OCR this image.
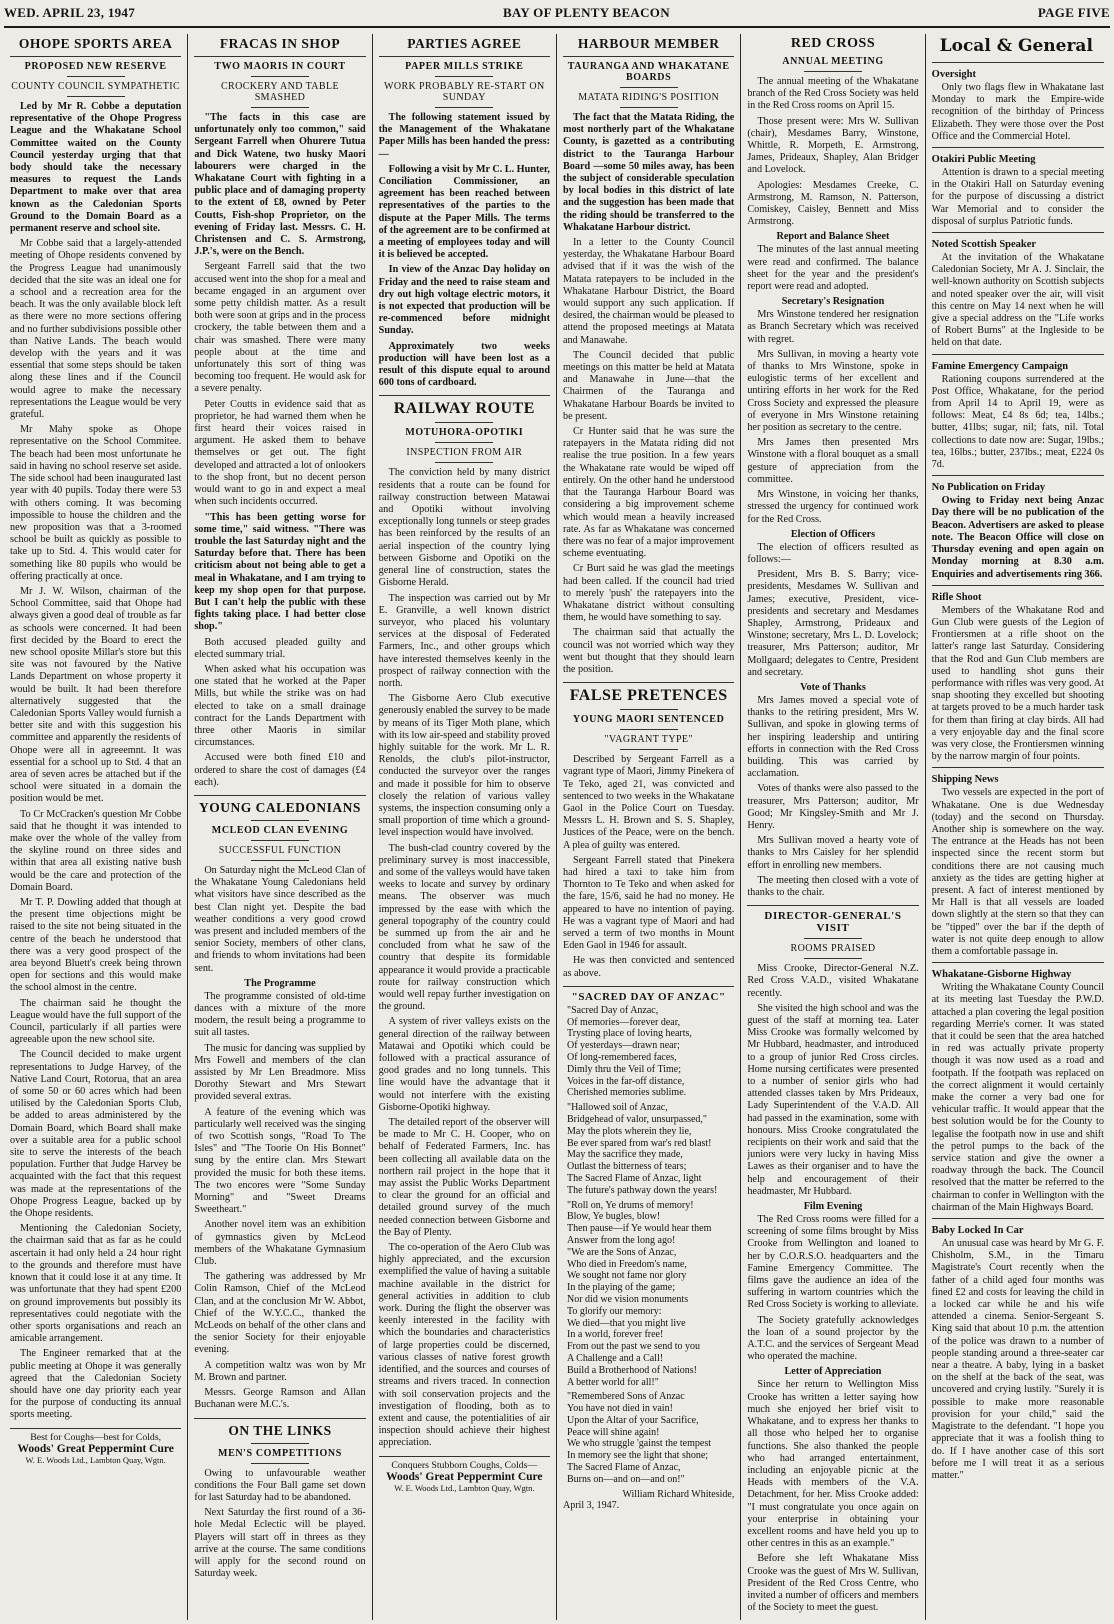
WED. APRIL 23, 1947	BAY OF PLENTY BEACON	PAGE FIVE
OHOPE SPORTS AREA
PROPOSED NEW RESERVE
COUNTY COUNCIL SYMPATHETIC

Led by Mr R. Cobbe a deputation representative of the Ohope Progress League and the Whakatane School Committee waited on the County Council yesterday urging that that body should take the necessary measures to request the Lands Department to make over that area known as the Caledonian Sports Ground to the Domain Board as a permanent reserve and school site.

Mr Cobbe said that a largely-attended meeting of Ohope residents convened by the Progress League had unanimously decided that the site was an ideal one for a school and a recreation area for the beach. It was the only available block left as there were no more sections offering and no further subdivisions possible other than Native Lands. The beach would develop with the years and it was essential that some steps should be taken along these lines and if the Council would agree to make the necessary representations the League would be very grateful.

Mr Mahy spoke as Ohope representative on the School Commitee. The beach had been most unfortunate he said in having no school reserve set aside. The side school had been inaugurated last year with 40 pupils. Today there were 53 with others coming. It was becoming impossible to house the children and the new proposition was that a 3-roomed school be built as quickly as possible to take up to Std. 4. This would cater for something like 80 pupils who would be offering practically at once.

Mr J. W. Wilson, chairman of the School Committee, said that Ohope had always given a good deal of trouble as far as schools were concerned. It had been first decided by the Board to erect the new school oposite Millar's store but this site was not favoured by the Native Lands Department on whose property it would be built. It had been therefore alternatively suggested that the Caledonian Sports Valley would furnish a better site and with this suggestion his committee and apparently the residents of Ohope were all in agreeemnt. It was essential for a school up to Std. 4 that an area of seven acres be attached but if the school were situated in a domain the position would be met.

To Cr McCracken's question Mr Cobbe said that he thought it was intended to make over the whole of the valley from the skyline round on three sides and within that area all existing native bush would be the care and protection of the Domain Board.

Mr T. P. Dowling added that though at the present time objections might be raised to the site not being situated in the centre of the beach he understood that there was a very good prospect of the area beyond Bluett's creek being thrown open for sections and this would make the school almost in the centre.

The chairman said he thought the League would have the full support of the Council, particularly if all parties were agreeable upon the new school site.

The Council decided to make urgent representations to Judge Harvey, of the Native Land Court, Rotorua, that an area of some 50 or 60 acres which had been utilised by the Caledonian Sports Club, be added to areas administered by the Domain Board, which Board shall make over a suitable area for a public school site to serve the interests of the beach population. Further that Judge Harvey be acquainted with the fact that this request was made at the representations of the Ohope Progress League, backed up by the Ohope residents.

Mentioning the Caledonian Society, the chairman said that as far as he could ascertain it had only held a 24 hour right to the grounds and therefore must have known that it could lose it at any time. It was unfortunate that they had spent £200 on ground improvements but possibly its representatives could negotiate with the other sports organisations and reach an amicable arrangement.

The Engineer remarked that at the public meeting at Ohope it was generally agreed that the Caledonian Society should have one day priority each year for the purpose of conducting its annual sports meeting.

Best for Coughs—best for Colds,
Woods' Great Peppermint Cure
W. E. Woods Ltd., Lambton Quay, Wgtn.
FRACAS IN SHOP
TWO MAORIS IN COURT
CROCKERY AND TABLE SMASHED

"The facts in this case are unfortunately only too common," said Sergeant Farrell when Ohurere Tutua and Dick Watene, two husky Maori labourers were charged in the Whakatane Court with fighting in a public place and of damaging property to the extent of £8, owned by Peter Coutts, Fish-shop Proprietor, on the evening of Friday last. Messrs. C. H. Christensen and C. S. Armstrong, J.P.'s, were on the Bench.

Sergeant Farrell said that the two accused went into the shop for a meal and became engaged in an argument over some petty childish matter. As a result both were soon at grips and in the process crockery, the table between them and a chair was smashed. There were many people about at the time and unfortunately this sort of thing was becoming too frequent. He would ask for a severe penalty.

Peter Coutts in evidence said that as proprietor, he had warned them when he first heard their voices raised in argument. He asked them to behave themselves or get out. The fight developed and attracted a lot of onlookers to the shop front, but no decent person would want to go in and expect a meal when such incidents occurred.

"This has been getting worse for some time," said witness. "There was trouble the last Saturday night and the Saturday before that. There has been criticism about not being able to get a meal in Whakatane, and I am trying to keep my shop open for that purpose. But I can't help the public with these fights taking place. I had better close shop."

Both accused pleaded guilty and elected summary trial.

When asked what his occupation was one stated that he worked at the Paper Mills, but while the strike was on had elected to take on a small drainage contract for the Lands Department with three other Maoris in similar circumstances.

Accused were both fined £10 and ordered to share the cost of damages (£4 each).

YOUNG CALEDONIANS
MCLEOD CLAN EVENING
SUCCESSFUL FUNCTION

On Saturday night the McLeod Clan of the Whakatane Young Caledonians held what visitors have since described as the best Clan night yet. Despite the bad weather conditions a very good crowd was present and included members of the senior Society, members of other clans, and friends to whom invitations had been sent.

The Programme

The programme consisted of old-time dances with a mixture of the more modern, the result being a programme to suit all tastes.

The music for dancing was supplied by Mrs Fowell and members of the clan assisted by Mr Len Breadmore. Miss Dorothy Stewart and Mrs Stewart provided several extras.

A feature of the evening which was particularly well received was the singing of two Scottish songs, "Road To The Isles" and "The Toorie On His Bonnet" sung by the entire clan. Mrs Stewart provided the music for both these items. The two encores were "Some Sunday Morning" and "Sweet Dreams Sweetheart."

Another novel item was an exhibition of gymnastics given by McLeod members of the Whakatane Gymnasium Club.

The gathering was addressed by Mr Colin Ramson, Chief of the McLeod Clan, and at the conclusion Mr W. Abbot, Chief of the W.Y.C.C., thanked the McLeods on behalf of the other clans and the senior Society for their enjoyable evening.

A competition waltz was won by Mr M. Brown and partner.

Messrs. George Ramson and Allan Buchanan were M.C.'s.

ON THE LINKS
MEN'S COMPETITIONS

Owing to unfavourable weather conditions the Four Ball game set down for last Saturday had to be abandoned.

Next Saturday the first round of a 36-hole Medal Eclectic will be played. Players will start off in threes as they arrive at the course. The same conditions will apply for the second round on Saturday week.

PARTIES AGREE
PAPER MILLS STRIKE
WORK PROBABLY RE-START ON SUNDAY

The following statement issued by the Management of the Whakatane Paper Mills has been handed the press:—

Following a visit by Mr C. L. Hunter, Conciliation Commissioner, an agreement has been reached between representatives of the parties to the dispute at the Paper Mills. The terms of the agreement are to be confirmed at a meeting of employees today and will it is believed be accepted.

In view of the Anzac Day holiday on Friday and the need to raise steam and dry out high voltage electric motors, it is not expected that production will be re-commenced before midnight Sunday.

Approximately two weeks production will have been lost as a result of this dispute equal to around 600 tons of cardboard.

RAILWAY ROUTE
MOTUHORA-OPOTIKI
INSPECTION FROM AIR

The conviction held by many district residents that a route can be found for railway construction between Matawai and Opotiki without involving exceptionally long tunnels or steep grades has been reinforced by the results of an aerial inspection of the country lying between Gisborne and Opotiki on the general line of construction, states the Gisborne Herald.

The inspection was carried out by Mr E. Granville, a well known district surveyor, who placed his voluntary services at the disposal of Federated Farmers, Inc., and other groups which have interested themselves keenly in the prospect of railway connection with the north.

The Gisborne Aero Club executive generously enabled the survey to be made by means of its Tiger Moth plane, which with its low air-speed and stability proved highly suitable for the work. Mr L. R. Renolds, the club's pilot-instructor, conducted the surveyor over the ranges and made it possible for him to observe closely the relation of various valley systems, the inspection consuming only a small proportion of time which a ground-level inspection would have involved.

The bush-clad country covered by the preliminary survey is most inaccessible, and some of the valleys would have taken weeks to locate and survey by ordinary means. The observer was much impressed by the ease with which the general topography of the country could be summed up from the air and he concluded from what he saw of the country that despite its formidable appearance it would provide a practicable route for railway construction which would well repay further investigation on the ground.

A system of river valleys exists on the general direction of the railway between Matawai and Opotiki which could be followed with a practical assurance of good grades and no long tunnels. This line would have the advantage that it would not interfere with the existing Gisborne-Opotiki highway.

The detailed report of the observer will be made to Mr C. H. Cooper, who on behalf of Federated Farmers, Inc. has been collecting all available data on the northern rail project in the hope that it may assist the Public Works Department to clear the ground for an official and detailed ground survey of the much needed connection between Gisborne and the Bay of Plenty.

The co-operation of the Aero Club was highly appreciated, and the excursion exemplified the value of having a suitable machine available in the district for general activities in addition to club work. During the flight the observer was keenly interested in the facility with which the boundaries and characteristics of large properties could be discerned, various classes of native forest growth identified, and the sources and courses of streams and rivers traced. In connection with soil conservation projects and the investigation of flooding, both as to extent and cause, the potentialities of air inspection should achieve their highest appreciation.

Conquers Stubborn Coughs, Colds—
Woods' Great Peppermint Cure
W. E. Woods Ltd., Lambton Quay, Wgtn.
HARBOUR MEMBER
TAURANGA AND WHAKATANE BOARDS
MATATA RIDING'S POSITION

The fact that the Matata Riding, the most northerly part of the Whakatane County, is gazetted as a contributing district to the Tauranga Harbour Board —some 50 miles away, has been the subject of considerable speculation by local bodies in this district of late and the suggestion has been made that the riding should be transferred to the Whakatane Harbour district.

In a letter to the County Council yesterday, the Whakatane Harbour Board advised that if it was the wish of the Matata ratepayers to be included in the Whakatane Harbour District, the Board would support any such application. If desired, the chairman would be pleased to attend the proposed meetings at Matata and Manawahe.

The Council decided that public meetings on this matter be held at Matata and Manawahe in June—that the Chairmen of the Tauranga and Whakatane Harbour Boards be invited to be present.

Cr Hunter said that he was sure the ratepayers in the Matata riding did not realise the true position. In a few years the Whakatane rate would be wiped off entirely. On the other hand he understood that the Tauranga Harbour Board was considering a big improvement scheme which would mean a heavily increased rate. As far as Whakatane was concerned there was no fear of a major improvement scheme eventuating.

Cr Burt said he was glad the meetings had been called. If the council had tried to merely 'push' the ratepayers into the Whakatane district without consulting them, he would have something to say.

The chairman said that actually the council was not worried which way they went but thought that they should learn the position.

FALSE PRETENCES
YOUNG MAORI SENTENCED
"VAGRANT TYPE"

Described by Sergeant Farrell as a vagrant type of Maori, Jimmy Pinekera of Te Teko, aged 21, was convicted and sentenced to two weeks in the Whakatane Gaol in the Police Court on Tuesday. Messrs L. H. Brown and S. S. Shapley, Justices of the Peace, were on the bench. A plea of guilty was entered.

Sergeant Farrell stated that Pinekera had hired a taxi to take him from Thornton to Te Teko and when asked for the fare, 15/6, said he had no money. He appeared to have no intention of paying. He was a vagrant type of Maori and had served a term of two months in Mount Eden Gaol in 1946 for assault.

He was then convicted and sentenced as above.

"SACRED DAY OF ANZAC"
"Sacred Day of Anzac,
Of memories—forever dear,
Trysting place of loving hearts,
Of yesterdays—drawn near;
Of long-remembered faces,
Dimly thru the Veil of Time;
Voices in the far-off distance,
Cherished memories sublime.
"Hallowed soil of Anzac,
Bridgehead of valor, unsurpassed,"
May the plots wherein they lie,
Be ever spared from war's red blast!
May the sacrifice they made,
Outlast the bitterness of tears;
The Sacred Flame of Anzac, light
The future's pathway down the years!
"Roll on, Ye drums of memory!
Blow, Ye bugles, blow!
Then pause—if Ye would hear them
Answer from the long ago!
"We are the Sons of Anzac,
Who died in Freedom's name,
We sought not fame nor glory
In the playing of the game;
Nor did we vision monuments
To glorify our memory:
We died—that you might live
In a world, forever free!
From out the past we send to you
A Challenge and a Call!
Build a Brotherhood of Nations!
A better world for all!"
"Remembered Sons of Anzac
You have not died in vain!
Upon the Altar of your Sacrifice,
Peace will shine again!
We who struggle 'gainst the tempest
In memory see the light that shone;
The Sacred Flame of Anzac,
Burns on—and on—and on!"
William Richard Whiteside,
April 3, 1947.
RED CROSS
ANNUAL MEETING

The annual meeting of the Whakatane branch of the Red Cross Society was held in the Red Cross rooms on April 15.

Those present were: Mrs W. Sullivan (chair), Mesdames Barry, Winstone, Whittle, R. Morpeth, E. Armstrong, James, Prideaux, Shapley, Alan Bridger and Lovelock.

Apologies: Mesdames Creeke, C. Armstrong, M. Ramson, N. Patterson, Comiskey, Caisley, Bennett and Miss Armstrong.

Report and Balance Sheet

The minutes of the last annual meeting were read and confirmed. The balance sheet for the year and the president's report were read and adopted.

Secretary's Resignation

Mrs Winstone tendered her resignation as Branch Secretary which was received with regret.

Mrs Sullivan, in moving a hearty vote of thanks to Mrs Winstone, spoke in eulogistic terms of her excellent and untiring efforts in her work for the Red Cross Society and expressed the pleasure of everyone in Mrs Winstone retaining her position as secretary to the centre.

Mrs James then presented Mrs Winstone with a floral bouquet as a small gesture of appreciation from the committee.

Mrs Winstone, in voicing her thanks, stressed the urgency for continued work for the Red Cross.

Election of Officers

The election of officers resulted as follows:—

President, Mrs B. S. Barry; vice-presidents, Mesdames W. Sullivan and James; executive, President, vice-presidents and secretary and Mesdames Shapley, Armstrong, Prideaux and Winstone; secretary, Mrs L. D. Lovelock; treasurer, Mrs Patterson; auditor, Mr Mollgaard; delegates to Centre, President and secretary.

Vote of Thanks

Mrs James moved a special vote of thanks to the retiring president, Mrs W. Sullivan, and spoke in glowing terms of her inspiring leadership and untiring efforts in connection with the Red Cross building. This was carried by acclamation.

Votes of thanks were also passed to the treasurer, Mrs Patterson; auditor, Mr Good; Mr Kingsley-Smith and Mr J. Henry.

Mrs Sullivan moved a hearty vote of thanks to Mrs Caisley for her splendid effort in enrolling new members.

The meeting then closed with a vote of thanks to the chair.

DIRECTOR-GENERAL'S VISIT
ROOMS PRAISED

Miss Crooke, Director-General N.Z. Red Cross V.A.D., visited Whakatane recently.

She visited the high school and was the guest of the staff at morning tea. Later Miss Crooke was formally welcomed by Mr Hubbard, headmaster, and introduced to a group of junior Red Cross circles. Home nursing certificates were presented to a number of senior girls who had attended classes taken by Mrs Prideaux, Lady Superintendent of the V.A.D. All had passed in the examination, some with honours. Miss Crooke congratulated the recipients on their work and said that the juniors were very lucky in having Miss Lawes as their organiser and to have the help and encouragement of their headmaster, Mr Hubbard.

Film Evening

The Red Cross rooms were filled for a screening of some films brought by Miss Crooke from Wellington and loaned to her by C.O.R.S.O. headquarters and the Famine Emergency Committee. The films gave the audience an idea of the suffering in wartorn countries which the Red Cross Society is working to alleviate.

The Society gratefully acknowledges the loan of a sound projector by the A.T.C. and the services of Sergeant Mead who operated the machine.

Letter of Appreciation

Since her return to Wellington Miss Crooke has written a letter saying how much she enjoyed her brief visit to Whakatane, and to express her thanks to all those who helped her to organise functions. She also thanked the people who had arranged entertainment, including an enjoyable picnic at the Heads with members of the V.A. Detachment, for her. Miss Crooke added: "I must congratulate you once again on your enterprise in obtaining your excellent rooms and have held you up to other centres in this as an example."

Before she left Whakatane Miss Crooke was the guest of Mrs W. Sullivan, President of the Red Cross Centre, who invited a number of officers and members of the Society to meet the guest.

Local & General
Oversight

Only two flags flew in Whakatane last Monday to mark the Empire-wide recognition of the birthday of Princess Elizabeth. They were those over the Post Office and the Commercial Hotel.

Otakiri Public Meeting

Attention is drawn to a special meeting in the Otakiri Hall on Saturday evening for the purpose of discussing a district War Memorial and to consider the disposal of surplus Patriotic funds.

Noted Scottish Speaker

At the invitation of the Whakatane Caledonian Society, Mr A. J. Sinclair, the well-known authority on Scottish subjects and noted speaker over the air, will visit this centre on May 14 next when he will give a special address on the "Life works of Robert Burns" at the Ingleside to be held on that date.

Famine Emergency Campaign

Rationing coupons surrendered at the Post Office, Whakatane, for the period from April 14 to April 19, were as follows: Meat, £4 8s 6d; tea, 14lbs.; butter, 41lbs; sugar, nil; fats, nil. Total collections to date now are: Sugar, 19lbs.; tea, 16lbs.; butter, 237lbs.; meat, £224 0s 7d.

No Publication on Friday

Owing to Friday next being Anzac Day there will be no publication of the Beacon. Advertisers are asked to please note. The Beacon Office will close on Thursday evening and open again on Monday morning at 8.30 a.m. Enquiries and advertisements ring 366.

Rifle Shoot

Members of the Whakatane Rod and Gun Club were guests of the Legion of Frontiersmen at a rifle shoot on the latter's range last Saturday. Considering that the Rod and Gun Club members are used to handling shot guns their performance with rifles was very good. At snap shooting they excelled but shooting at targets proved to be a much harder task for them than firing at clay birds. All had a very enjoyable day and the final score was very close, the Frontiersmen winning by the narrow margin of four points.

Shipping News

Two vessels are expected in the port of Whakatane. One is due Wednesday (today) and the second on Thursday. Another ship is somewhere on the way. The entrance at the Heads has not been inspected since the recent storm but conditions there are not causing much anxiety as the tides are getting higher at present. A fact of interest mentioned by Mr Hall is that all vessels are loaded down slightly at the stern so that they can be "tipped" over the bar if the depth of water is not quite deep enough to allow them a comfortable passage in.

Whakatane-Gisborne Highway

Writing the Whakatane County Council at its meeting last Tuesday the P.W.D. attached a plan covering the legal position regarding Merrie's corner. It was stated that it could be seen that the area hatched in red was actually private property though it was now used as a road and footpath. If the footpath was replaced on the correct alignment it would certainly make the corner a very bad one for vehicular traffic. It would appear that the best solution would be for the County to legalise the footpath now in use and shift the petrol pumps to the back of the service station and give the owner a roadway through the back. The Council resolved that the matter be referred to the chairman to confer in Wellington with the chairman of the Main Highways Board.

Baby Locked In Car

An unusual case was heard by Mr G. F. Chisholm, S.M., in the Timaru Magistrate's Court recently when the father of a child aged four months was fined £2 and costs for leaving the child in a locked car while he and his wife attended a cinema. Senior-Sergeant S. King said that about 10 p.m. the attention of the police was drawn to a number of people standing around a three-seater car near a theatre. A baby, lying in a basket on the shelf at the back of the seat, was uncovered and crying lustily. "Surely it is possible to make more reasonable provision for your child," said the Magistrate to the defendant. "I hope you appreciate that it was a foolish thing to do. If I have another case of this sort before me I will treat it as a serious matter."
